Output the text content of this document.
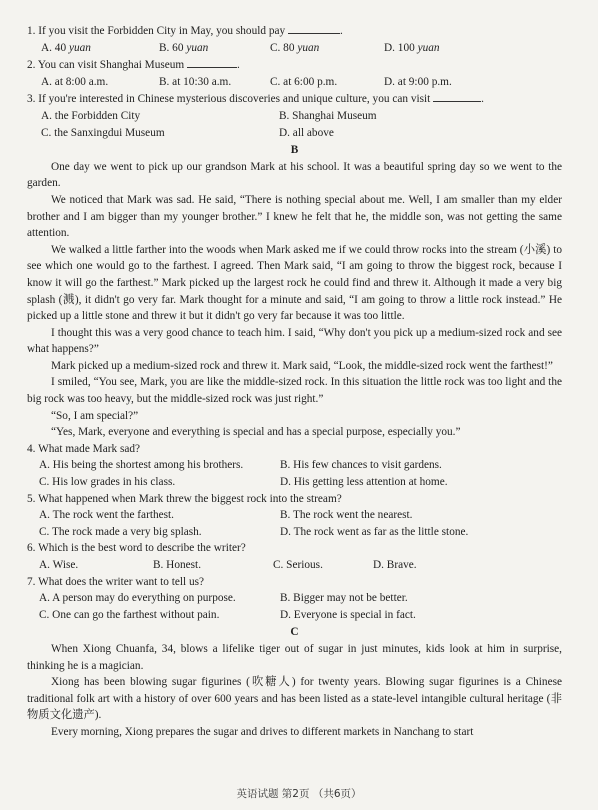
1. If you visit the Forbidden City in May, you should pay	.

A. 40 yuan	B. 60 yuan	C. 80 yuan	D. 100 yuan

2. You can visit Shanghai Museum	.

A. at 8:00 a.m.	B. at 10:30 a.m.	C. at 6:00 p.m.	D. at 9:00 p.m.

3. If you're interested in Chinese mysterious discoveries and unique culture, you can visit	.

A. the Forbidden City	B. Shanghai Museum
C. the Sanxingdui Museum	D. all above

B

One day we went to pick up our grandson Mark at his school. It was a beautiful spring day so we went to the garden.

We noticed that Mark was sad. He said, “There is nothing special about me. Well, I am smaller than my elder brother and I am bigger than my younger brother.” I knew he felt that he, the middle son, was not getting the same attention.

We walked a little farther into the woods when Mark asked me if we could throw rocks into the stream (小溪) to see which one would go to the farthest. I agreed. Then Mark said, “I am going to throw the biggest rock, because I know it will go the farthest.” Mark picked up the largest rock he could find and threw it. Although it made a very big splash (溅), it didn't go very far. Mark thought for a minute and said, “I am going to throw a little rock instead.” He picked up a little stone and threw it but it didn't go very far because it was too little.

I thought this was a very good chance to teach him. I said, “Why don't you pick up a medium-sized rock and see what happens?”

Mark picked up a medium-sized rock and threw it. Mark said, “Look, the middle-sized rock went the farthest!”

I smiled, “You see, Mark, you are like the middle-sized rock. In this situation the little rock was too light and the big rock was too heavy, but the middle-sized rock was just right.”

“So, I am special?”

“Yes, Mark, everyone and everything is special and has a special purpose, especially you.”

4. What made Mark sad?

A. His being the shortest among his brothers.	B. His few chances to visit gardens.
C. His low grades in his class.	D. His getting less attention at home.

5. What happened when Mark threw the biggest rock into the stream?

A. The rock went the farthest.	B. The rock went the nearest.
C. The rock made a very big splash.	D. The rock went as far as the little stone.

6. Which is the best word to describe the writer?

A. Wise.	B. Honest.	C. Serious.	D. Brave.

7. What does the writer want to tell us?

A. A person may do everything on purpose.	B. Bigger may not be better.
C. One can go the farthest without pain.	D. Everyone is special in fact.

C

When Xiong Chuanfa, 34, blows a lifelike tiger out of sugar in just minutes, kids look at him in surprise, thinking he is a magician.

Xiong has been blowing sugar figurines (吹糖人) for twenty years. Blowing sugar figurines is a Chinese traditional folk art with a history of over 600 years and has been listed as a state-level intangible cultural heritage (非物质文化遗产).

Every morning, Xiong prepares the sugar and drives to different markets in Nanchang to start

英语试题 第2页 （共6页）
